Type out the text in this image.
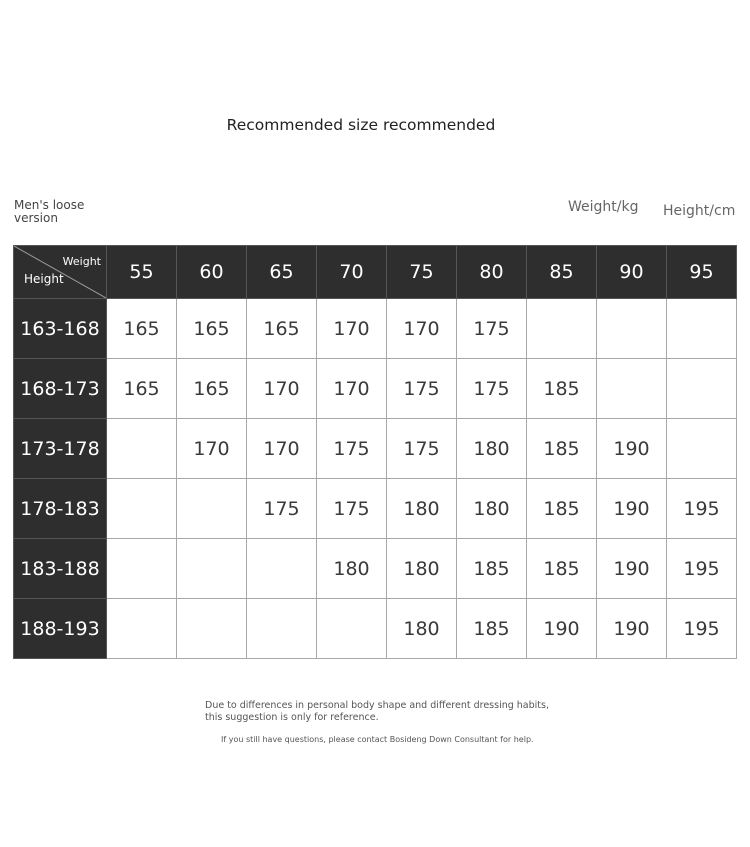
Recommended size recommended
Men's loose version
Weight/kg Height/cm
Weight
Height	55	60	65	70	75	80	85	90	95
163-168	165	165	165	170	170	175			
168-173	165	165	170	170	175	175	185		
173-178		170	170	175	175	180	185	190	
178-183			175	175	180	180	185	190	195
183-188				180	180	185	185	190	195
188-193					180	185	190	190	195
Due to differences in personal body shape and different dressing habits,
this suggestion is only for reference.
If you still have questions, please contact Bosideng Down Consultant for help.
